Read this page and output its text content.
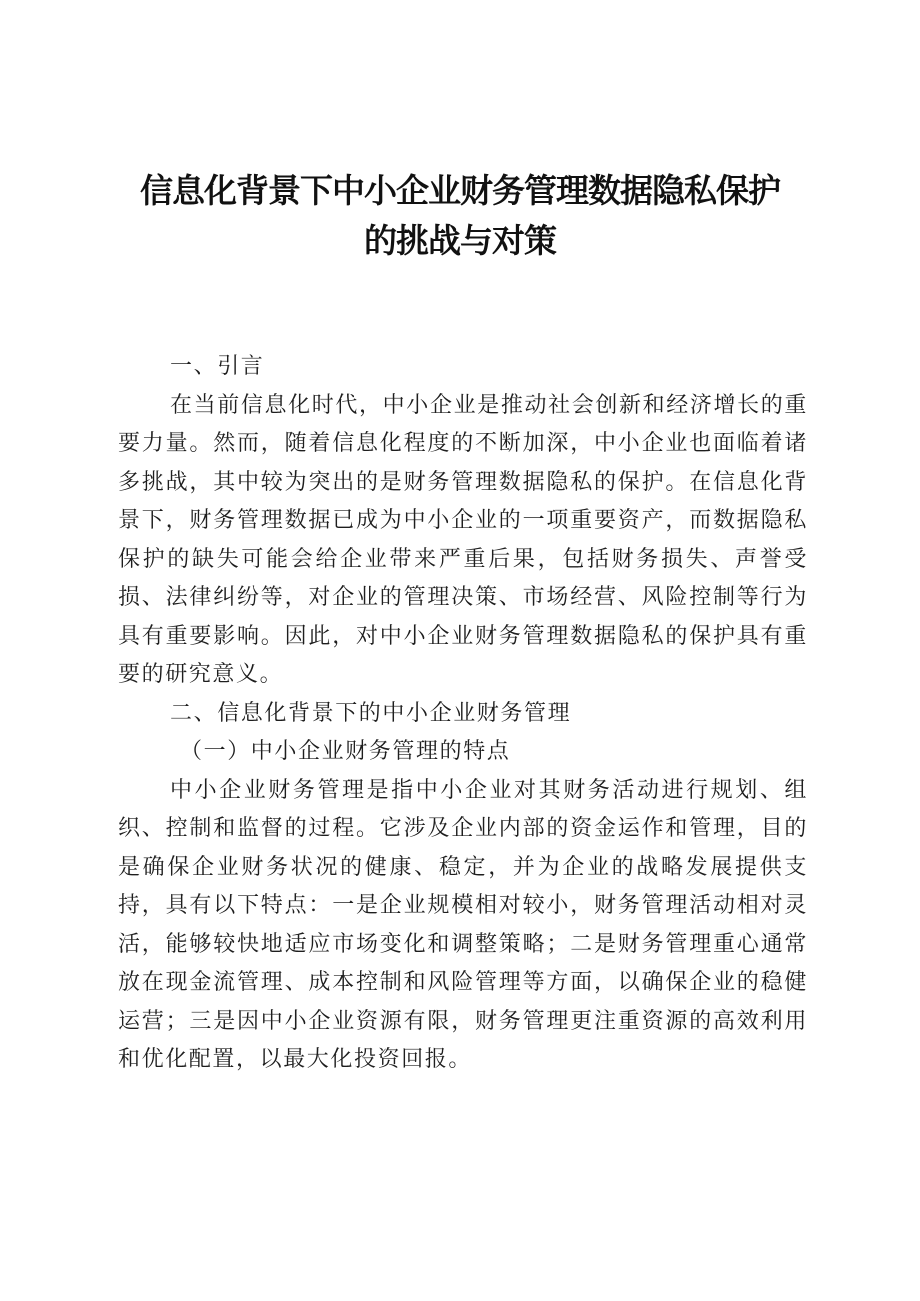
信息化背景下中小企业财务管理数据隐私保护
的挑战与对策

一、引言

在当前信息化时代，中小企业是推动社会创新和经济增长的重要力量。然而，随着信息化程度的不断加深，中小企业也面临着诸多挑战，其中较为突出的是财务管理数据隐私的保护。在信息化背景下，财务管理数据已成为中小企业的一项重要资产，而数据隐私保护的缺失可能会给企业带来严重后果，包括财务损失、声誉受损、法律纠纷等，对企业的管理决策、市场经营、风险控制等行为具有重要影响。因此，对中小企业财务管理数据隐私的保护具有重要的研究意义。

二、信息化背景下的中小企业财务管理

（一）中小企业财务管理的特点

中小企业财务管理是指中小企业对其财务活动进行规划、组织、控制和监督的过程。它涉及企业内部的资金运作和管理，目的是确保企业财务状况的健康、稳定，并为企业的战略发展提供支持，具有以下特点：一是企业规模相对较小，财务管理活动相对灵活，能够较快地适应市场变化和调整策略；二是财务管理重心通常放在现金流管理、成本控制和风险管理等方面，以确保企业的稳健运营；三是因中小企业资源有限，财务管理更注重资源的高效利用和优化配置，以最大化投资回报。
